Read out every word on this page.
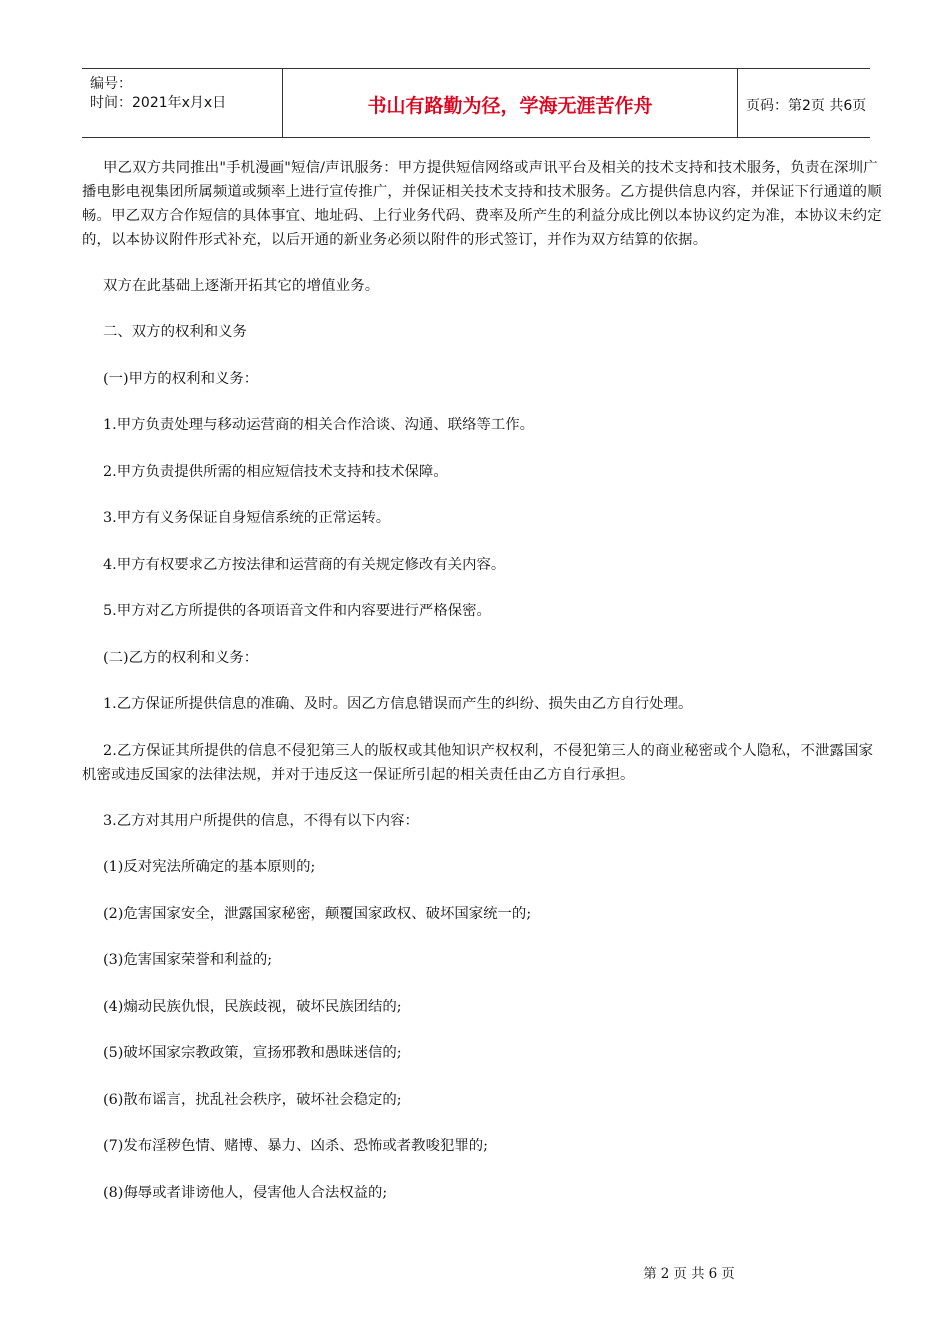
编号：
时间：2021年x月x日	书山有路勤为径，学海无涯苦作舟	页码：第2页 共6页

甲乙双方共同推出"手机漫画"短信/声讯服务：甲方提供短信网络或声讯平台及相关的技术支持和技术服务，负责在深圳广播电影电视集团所属频道或频率上进行宣传推广，并保证相关技术支持和技术服务。乙方提供信息内容，并保证下行通道的顺畅。甲乙双方合作短信的具体事宜、地址码、上行业务代码、费率及所产生的利益分成比例以本协议约定为准，本协议未约定的，以本协议附件形式补充，以后开通的新业务必须以附件的形式签订，并作为双方结算的依据。

双方在此基础上逐渐开拓其它的增值业务。

二、双方的权利和义务
(一)甲方的权利和义务：
1.甲方负责处理与移动运营商的相关合作洽谈、沟通、联络等工作。
2.甲方负责提供所需的相应短信技术支持和技术保障。
3.甲方有义务保证自身短信系统的正常运转。
4.甲方有权要求乙方按法律和运营商的有关规定修改有关内容。
5.甲方对乙方所提供的各项语音文件和内容要进行严格保密。
(二)乙方的权利和义务：
1.乙方保证所提供信息的准确、及时。因乙方信息错误而产生的纠纷、损失由乙方自行处理。

2.乙方保证其所提供的信息不侵犯第三人的版权或其他知识产权权利，不侵犯第三人的商业秘密或个人隐私，不泄露国家机密或违反国家的法律法规，并对于违反这一保证所引起的相关责任由乙方自行承担。

3.乙方对其用户所提供的信息，不得有以下内容：
(1)反对宪法所确定的基本原则的;
(2)危害国家安全，泄露国家秘密，颠覆国家政权、破坏国家统一的;
(3)危害国家荣誉和利益的;
(4)煽动民族仇恨，民族歧视，破坏民族团结的;
(5)破坏国家宗教政策，宣扬邪教和愚昧迷信的;
(6)散布谣言，扰乱社会秩序，破坏社会稳定的;
(7)发布淫秽色情、赌博、暴力、凶杀、恐怖或者教唆犯罪的;
(8)侮辱或者诽谤他人，侵害他人合法权益的;
第 2 页 共 6 页
